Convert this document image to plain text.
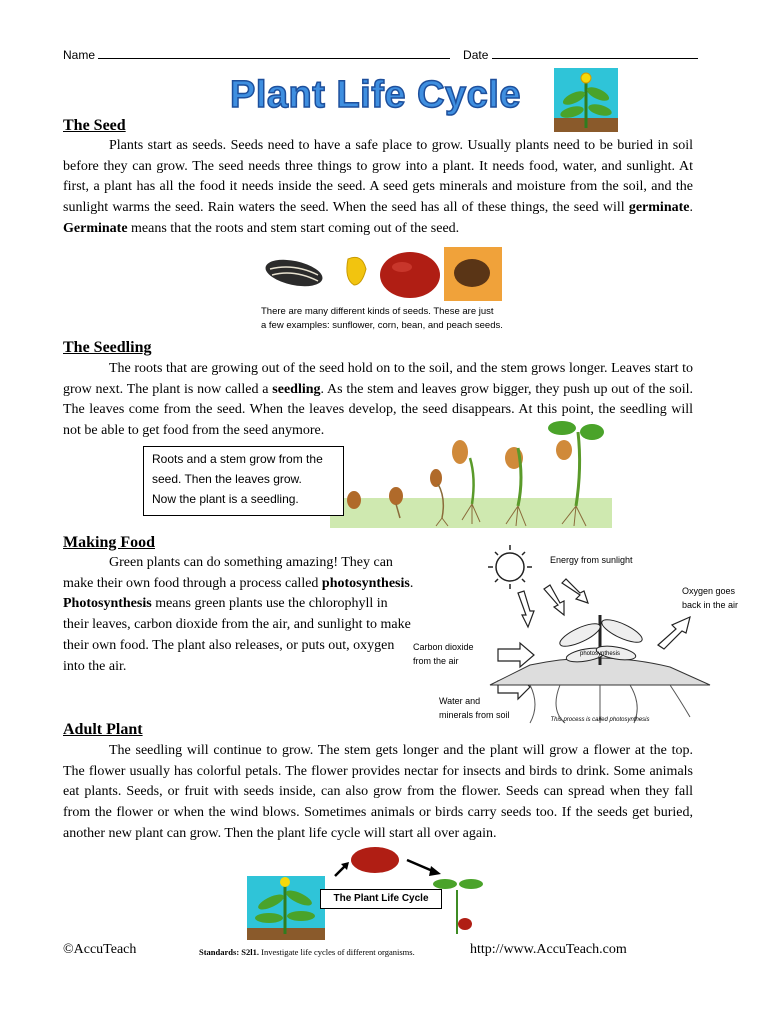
Name	Date
Plant Life Cycle
The Seed

Plants start as seeds. Seeds need to have a safe place to grow. Usually plants need to be buried in soil before they can grow. The seed needs three things to grow into a plant. It needs food, water, and sunlight. At first, a plant has all the food it needs inside the seed. A seed gets minerals and moisture from the soil, and the sunlight warms the seed. Rain waters the seed. When the seed has all of these things, the seed will germinate. Germinate means that the roots and stem start coming out of the seed.

There are many different kinds of seeds. These are just
a few examples: sunflower, corn, bean, and peach seeds.
The Seedling

The roots that are growing out of the seed hold on to the soil, and the stem grows longer. Leaves start to grow next. The plant is now called a seedling. As the stem and leaves grow bigger, they push up out of the soil. The leaves come from the seed. When the leaves develop, the seed disappears. At this point, the seedling will not be able to get food from the seed anymore.

Roots and a stem grow from the
seed. Then the leaves grow.
Now the plant is a seedling.
Making Food

Green plants can do something amazing! They can make their own food through a process called photosynthesis. Photosynthesis means green plants use the chlorophyll in their leaves, carbon dioxide from the air, and sunlight to make their own food. The plant also releases, or puts out, oxygen into the air.

photosynthesis
This process is called photosynthesis
Energy from sunlight
Oxygen goes
back in the air
Carbon dioxide
from the air
Water and
minerals from soil
Adult Plant

The seedling will continue to grow. The stem gets longer and the plant will grow a flower at the top. The flower usually has colorful petals. The flower provides nectar for insects and birds to drink. Some animals eat plants. Seeds, or fruit with seeds inside, can also grow from the flower. Seeds can spread when they fall from the flower or when the wind blows. Sometimes animals or birds carry seeds too. If the seeds get buried, another new plant can grow. Then the plant life cycle will start all over again.

The Plant Life Cycle
©AccuTeach	Standards: S2l1. Investigate life cycles of different organisms.	http://www.AccuTeach.com
